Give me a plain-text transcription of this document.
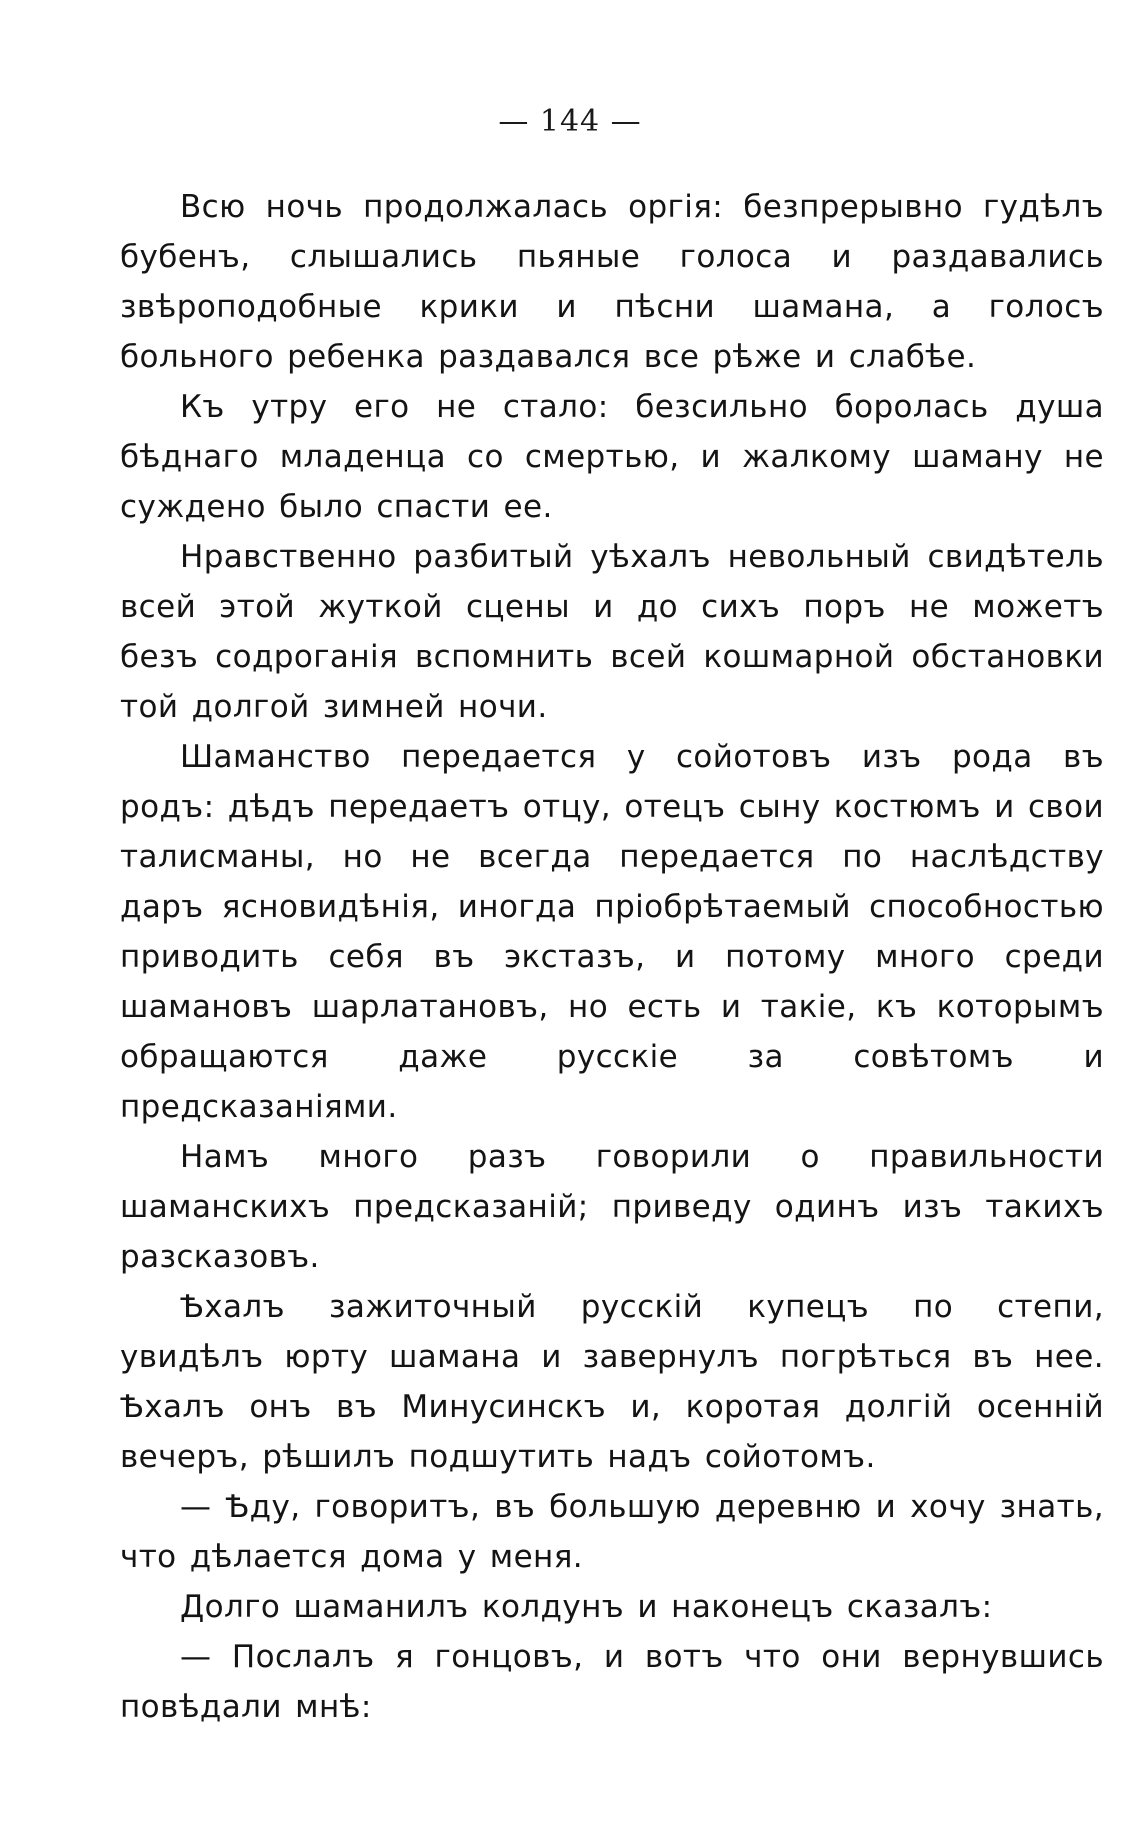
— 144 —

Всю ночь продолжалась оргія: безпрерывно гудѣлъ бубенъ, слышались пьяные голоса и раздавались звѣроподобные крики и пѣсни шамана, а голосъ больного ребенка раздавался все рѣже и слабѣе.

Къ утру его не стало: безсильно боролась душа бѣднаго младенца со смертью, и жалкому шаману не суждено было спасти ее.

Нравственно разбитый уѣхалъ невольный свидѣтель всей этой жуткой сцены и до сихъ поръ не можетъ безъ содроганія вспомнить всей кошмарной обстановки той долгой зимней ночи.

Шаманство передается у сойотовъ изъ рода въ родъ: дѣдъ передаетъ отцу, отецъ сыну костюмъ и свои талисманы, но не всегда передается по наслѣдству даръ ясновидѣнія, иногда пріобрѣтаемый способностью приводить себя въ экстазъ, и потому много среди шамановъ шарлатановъ, но есть и такіе, къ которымъ обращаются даже русскіе за совѣтомъ и предсказаніями.

Намъ много разъ говорили о правильности шаманскихъ предсказаній; приведу одинъ изъ такихъ разсказовъ.

Ѣхалъ зажиточный русскій купецъ по степи, увидѣлъ юрту шамана и завернулъ погрѣться въ нее. Ѣхалъ онъ въ Минусинскъ и, коротая долгій осенній вечеръ, рѣшилъ подшутить надъ сойотомъ.

— Ѣду, говоритъ, въ большую деревню и хочу знать, что дѣлается дома у меня.

Долго шаманилъ колдунъ и наконецъ сказалъ:

— Послалъ я гонцовъ, и вотъ что они вернувшись повѣдали мнѣ:
